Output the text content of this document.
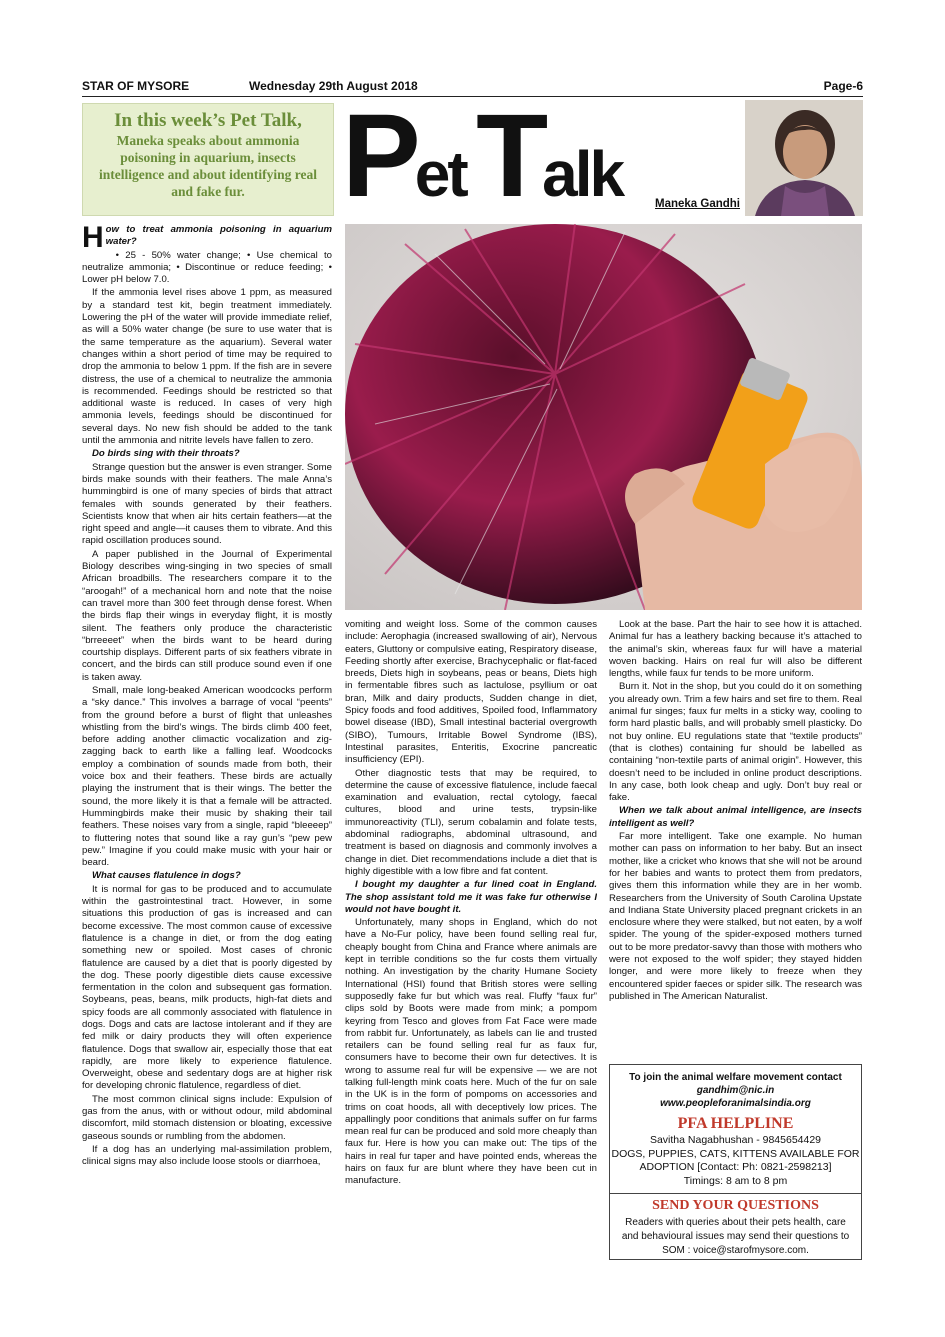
STAR OF MYSORE	Wednesday 29th August 2018	Page-6
In this week’s Pet Talk,
Maneka speaks about ammonia poisoning in aquarium, insects intelligence and about identifying real and fake fur. Pet Talk	Maneka Gandhi
H ow to treat ammonia poisoning in aquarium water?

• 25 - 50% water change; • Use chemical to neutralize ammonia; • Discontinue or reduce feeding; • Lower pH below 7.0.

If the ammonia level rises above 1 ppm, as measured by a standard test kit, begin treatment immediately. Lowering the pH of the water will provide immediate relief, as will a 50% water change (be sure to use water that is the same temperature as the aquarium). Several water changes within a short period of time may be required to drop the ammonia to below 1 ppm. If the fish are in severe distress, the use of a chemical to neutralize the ammonia is recommended. Feedings should be restricted so that additional waste is reduced. In cases of very high ammonia levels, feedings should be discontinued for several days. No new fish should be added to the tank until the ammonia and nitrite levels have fallen to zero.

Do birds sing with their throats?

Strange question but the answer is even stranger. Some birds make sounds with their feathers. The male Anna’s hummingbird is one of many species of birds that attract females with sounds generated by their feathers. Scientists know that when air hits certain feathers—at the right speed and angle—it causes them to vibrate. And this rapid oscillation produces sound.

A paper published in the Journal of Experimental Biology describes wing-singing in two species of small African broadbills. The researchers compare it to the “aroogah!” of a mechanical horn and note that the noise can travel more than 300 feet through dense forest. When the birds flap their wings in everyday flight, it is mostly silent. The feathers only produce the characteristic “brreeeet” when the birds want to be heard during courtship displays. Different parts of six feathers vibrate in concert, and the birds can still produce sound even if one is taken away.

Small, male long-beaked American woodcocks perform a “sky dance.” This involves a barrage of vocal “peents” from the ground before a burst of flight that unleashes whistling from the bird’s wings. The birds climb 400 feet, before adding another climactic vocalization and zig-zagging back to earth like a falling leaf. Woodcocks employ a combination of sounds made from both, their voice box and their feathers. These birds are actually playing the instrument that is their wings. The better the sound, the more likely it is that a female will be attracted. Hummingbirds make their music by shaking their tail feathers. These noises vary from a single, rapid “bleeeep” to fluttering notes that sound like a ray gun’s “pew pew pew.” Imagine if you could make music with your hair or beard.

What causes flatulence in dogs?

It is normal for gas to be produced and to accumulate within the gastrointestinal tract. However, in some situations this production of gas is increased and can become excessive. The most common cause of excessive flatulence is a change in diet, or from the dog eating something new or spoiled. Most cases of chronic flatulence are caused by a diet that is poorly digested by the dog. These poorly digestible diets cause excessive fermentation in the colon and subsequent gas formation. Soybeans, peas, beans, milk products, high-fat diets and spicy foods are all commonly associated with flatulence in dogs. Dogs and cats are lactose intolerant and if they are fed milk or dairy products they will often experience flatulence. Dogs that swallow air, especially those that eat rapidly, are more likely to experience flatulence. Overweight, obese and sedentary dogs are at higher risk for developing chronic flatulence, regardless of diet.

The most common clinical signs include: Expulsion of gas from the anus, with or without odour, mild abdominal discomfort, mild stomach distension or bloating, excessive gaseous sounds or rumbling from the abdomen.

If a dog has an underlying mal-assimilation problem, clinical signs may also include loose stools or diarrhoea,

vomiting and weight loss. Some of the common causes include: Aerophagia (increased swallowing of air), Nervous eaters, Gluttony or compulsive eating, Respiratory disease, Feeding shortly after exercise, Brachycephalic or flat-faced breeds, Diets high in soybeans, peas or beans, Diets high in fermentable fibres such as lactulose, psyllium or oat bran, Milk and dairy products, Sudden change in diet, Spicy foods and food additives, Spoiled food, Inflammatory bowel disease (IBD), Small intestinal bacterial overgrowth (SIBO), Tumours, Irritable Bowel Syndrome (IBS), Intestinal parasites, Enteritis, Exocrine pancreatic insufficiency (EPI).

Other diagnostic tests that may be required, to determine the cause of excessive flatulence, include faecal examination and evaluation, rectal cytology, faecal cultures, blood and urine tests, trypsin-like immunoreactivity (TLI), serum cobalamin and folate tests, abdominal radiographs, abdominal ultrasound, and treatment is based on diagnosis and commonly involves a change in diet. Diet recommendations include a diet that is highly digestible with a low fibre and fat content.

I bought my daughter a fur lined coat in England. The shop assistant told me it was fake fur otherwise I would not have bought it.

Unfortunately, many shops in England, which do not have a No-Fur policy, have been found selling real fur, cheaply bought from China and France where animals are kept in terrible conditions so the fur costs them virtually nothing. An investigation by the charity Humane Society International (HSI) found that British stores were selling supposedly fake fur but which was real. Fluffy “faux fur” clips sold by Boots were made from mink; a pompom keyring from Tesco and gloves from Fat Face were made from rabbit fur. Unfortunately, as labels can lie and trusted retailers can be found selling real fur as faux fur, consumers have to become their own fur detectives. It is wrong to assume real fur will be expensive — we are not talking full-length mink coats here. Much of the fur on sale in the UK is in the form of pompoms on accessories and trims on coat hoods, all with deceptively low prices. The appallingly poor conditions that animals suffer on fur farms mean real fur can be produced and sold more cheaply than faux fur. Here is how you can make out: The tips of the hairs in real fur taper and have pointed ends, whereas the hairs on faux fur are blunt where they have been cut in manufacture.

Look at the base. Part the hair to see how it is attached. Animal fur has a leathery backing because it’s attached to the animal’s skin, whereas faux fur will have a material woven backing. Hairs on real fur will also be different lengths, while faux fur tends to be more uniform.

Burn it. Not in the shop, but you could do it on something you already own. Trim a few hairs and set fire to them. Real animal fur singes; faux fur melts in a sticky way, cooling to form hard plastic balls, and will probably smell plasticky. Do not buy online. EU regulations state that “textile products” (that is clothes) containing fur should be labelled as containing “non-textile parts of animal origin”. However, this doesn’t need to be included in online product descriptions. In any case, both look cheap and ugly. Don’t buy real or fake.

When we talk about animal intelligence, are insects intelligent as well?

Far more intelligent. Take one example. No human mother can pass on information to her baby. But an insect mother, like a cricket who knows that she will not be around for her babies and wants to protect them from predators, gives them this information while they are in her womb. Researchers from the University of South Carolina Upstate and Indiana State University placed pregnant crickets in an enclosure where they were stalked, but not eaten, by a wolf spider. The young of the spider-exposed mothers turned out to be more predator-savvy than those with mothers who were not exposed to the wolf spider; they stayed hidden longer, and were more likely to freeze when they encountered spider faeces or spider silk. The research was published in The American Naturalist.

To join the animal welfare movement contact
gandhim@nic.in
www.peopleforanimalsindia.org
PFA HELPLINE
Savitha Nagabhushan - 9845654429
DOGS, PUPPIES, CATS, KITTENS AVAILABLE FOR ADOPTION [Contact: Ph: 0821-2598213]
Timings: 8 am to 8 pm
SEND YOUR QUESTIONS
Readers with queries about their pets health, care and behavioural issues may send their questions to SOM : voice@starofmysore.com.
